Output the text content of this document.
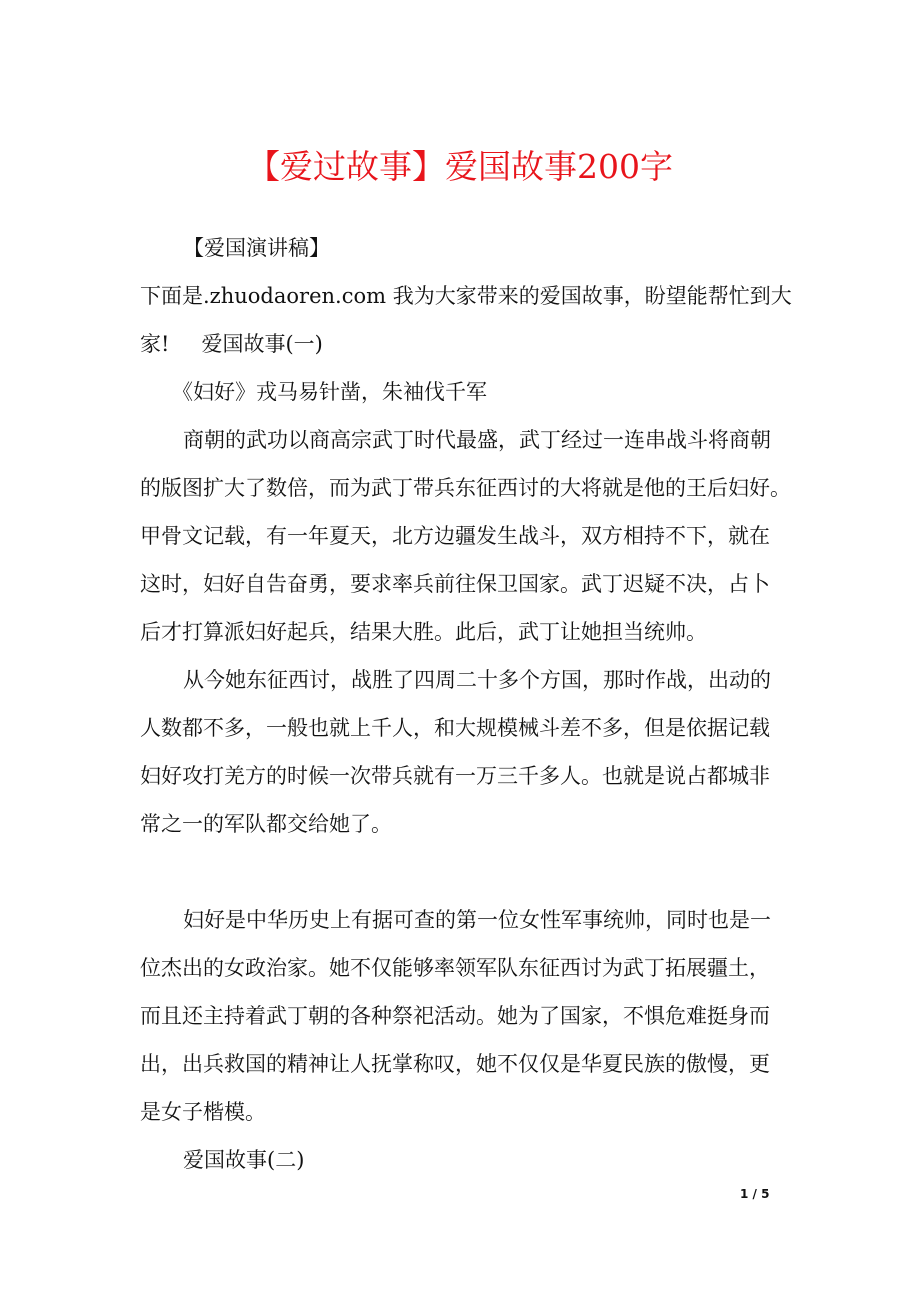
【爱过故事】爱国故事200字
【爱国演讲稿】
下面是.zhuodaoren.com 我为大家带来的爱国故事，盼望能帮忙到大
家! 爱国故事(一)
《妇好》戎马易针凿，朱袖伐千军
商朝的武功以商高宗武丁时代最盛，武丁经过一连串战斗将商朝
的版图扩大了数倍，而为武丁带兵东征西讨的大将就是他的王后妇好。
甲骨文记载，有一年夏天，北方边疆发生战斗，双方相持不下，就在
这时，妇好自告奋勇，要求率兵前往保卫国家。武丁迟疑不决，占卜
后才打算派妇好起兵，结果大胜。此后，武丁让她担当统帅。
从今她东征西讨，战胜了四周二十多个方国，那时作战，出动的
人数都不多，一般也就上千人，和大规模械斗差不多，但是依据记载
妇好攻打羌方的时候一次带兵就有一万三千多人。也就是说占都城非
常之一的军队都交给她了。
妇好是中华历史上有据可查的第一位女性军事统帅，同时也是一
位杰出的女政治家。她不仅能够率领军队东征西讨为武丁拓展疆土，
而且还主持着武丁朝的各种祭祀活动。她为了国家，不惧危难挺身而
出，出兵救国的精神让人抚掌称叹，她不仅仅是华夏民族的傲慢，更
是女子楷模。
爱国故事(二)
1 / 5
